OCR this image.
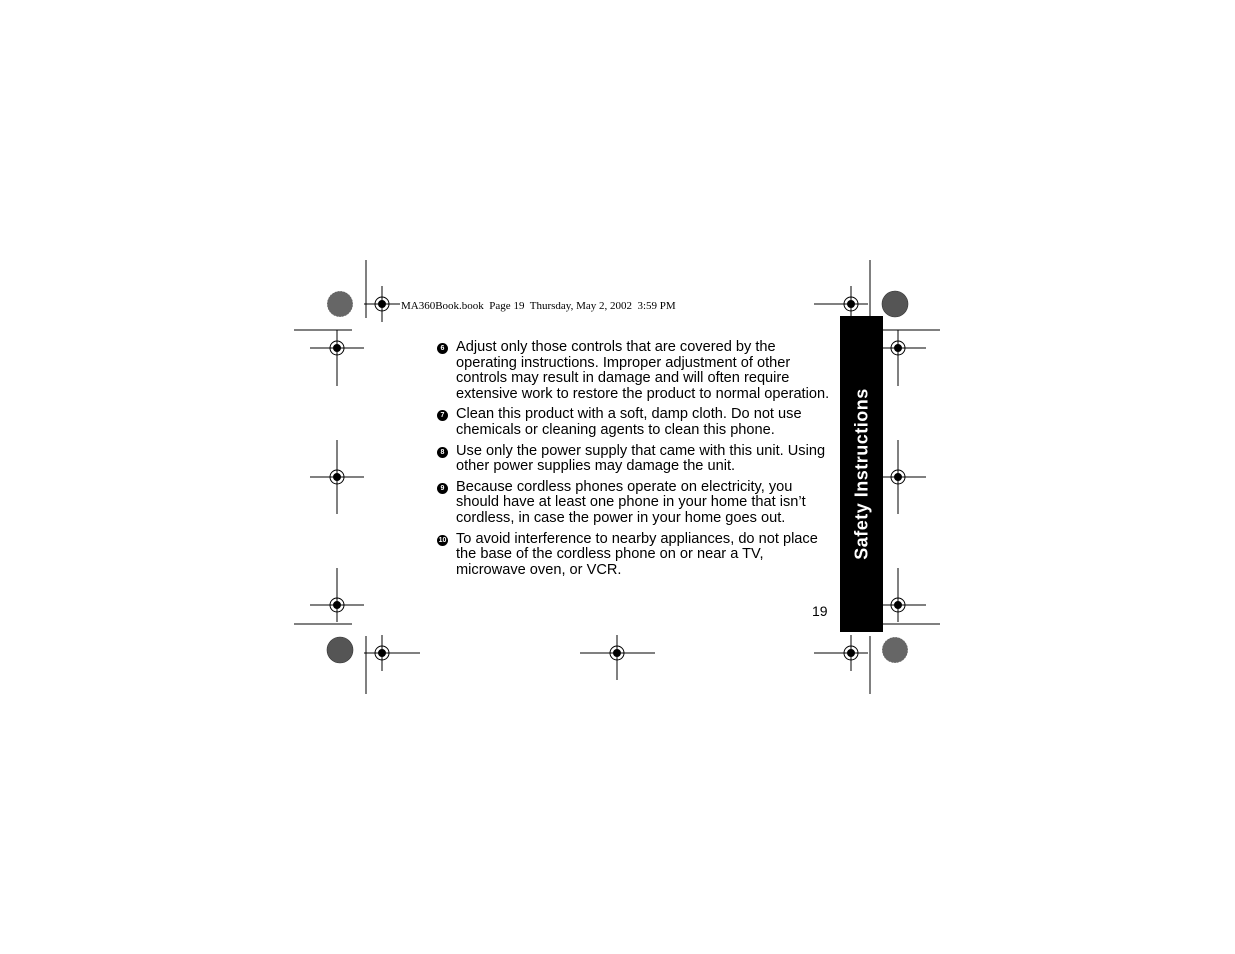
MA360Book.book  Page 19  Thursday, May 2, 2002  3:59 PM
6 Adjust only those controls that are covered by the operating instructions. Improper adjustment of other controls may result in damage and will often require extensive work to restore the product to normal operation.
7 Clean this product with a soft, damp cloth. Do not use chemicals or cleaning agents to clean this phone.
8 Use only the power supply that came with this unit. Using other power supplies may damage the unit.
9 Because cordless phones operate on electricity, you should have at least one phone in your home that isn’t cordless, in case the power in your home goes out.
10 To avoid interference to nearby appliances, do not place the base of the cordless phone on or near a TV, microwave oven, or VCR.
19
Safety Instructions
